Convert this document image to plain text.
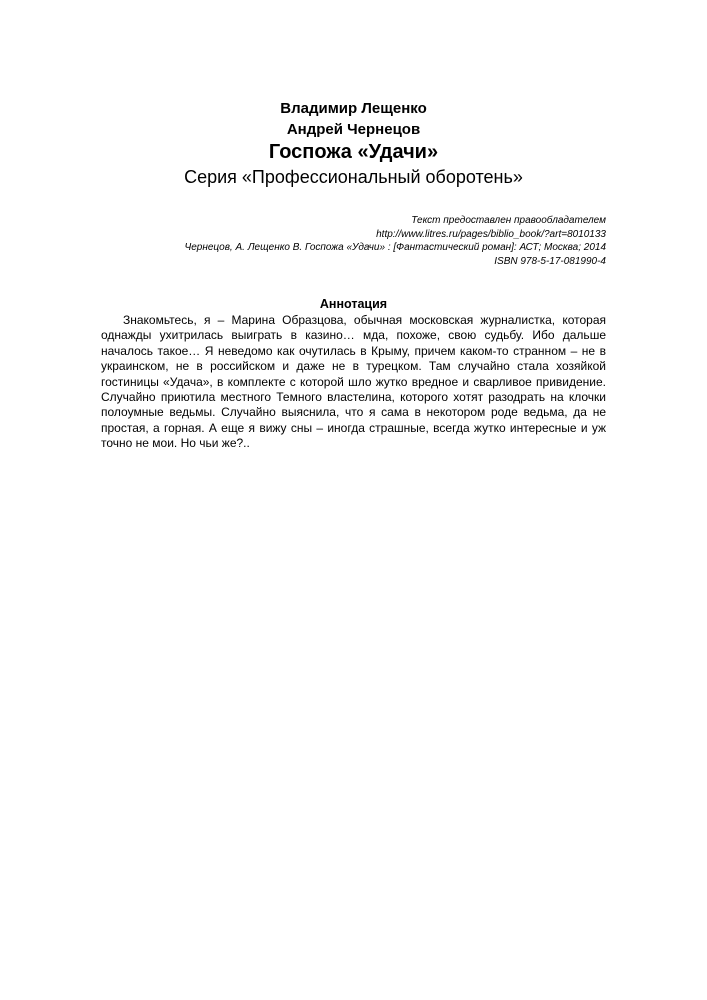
Владимир Лещенко
Андрей Чернецов
Госпожа «Удачи»
Серия «Профессиональный оборотень»
Текст предоставлен правообладателем
http://www.litres.ru/pages/biblio_book/?art=8010133
Чернецов, А. Лещенко В. Госпожа «Удачи» : [Фантастический роман]: АСТ; Москва; 2014
ISBN 978-5-17-081990-4
Аннотация
Знакомьтесь, я – Марина Образцова, обычная московская журналистка, которая однажды ухитрилась выиграть в казино… мда, похоже, свою судьбу. Ибо дальше началось такое… Я неведомо как очутилась в Крыму, причем каком-то странном – не в украинском, не в российском и даже не в турецком. Там случайно стала хозяйкой гостиницы «Удача», в комплекте с которой шло жутко вредное и сварливое привидение. Случайно приютила местного Темного властелина, которого хотят разодрать на клочки полоумные ведьмы. Случайно выяснила, что я сама в некотором роде ведьма, да не простая, а горная. А еще я вижу сны – иногда страшные, всегда жутко интересные и уж точно не мои. Но чьи же?..
